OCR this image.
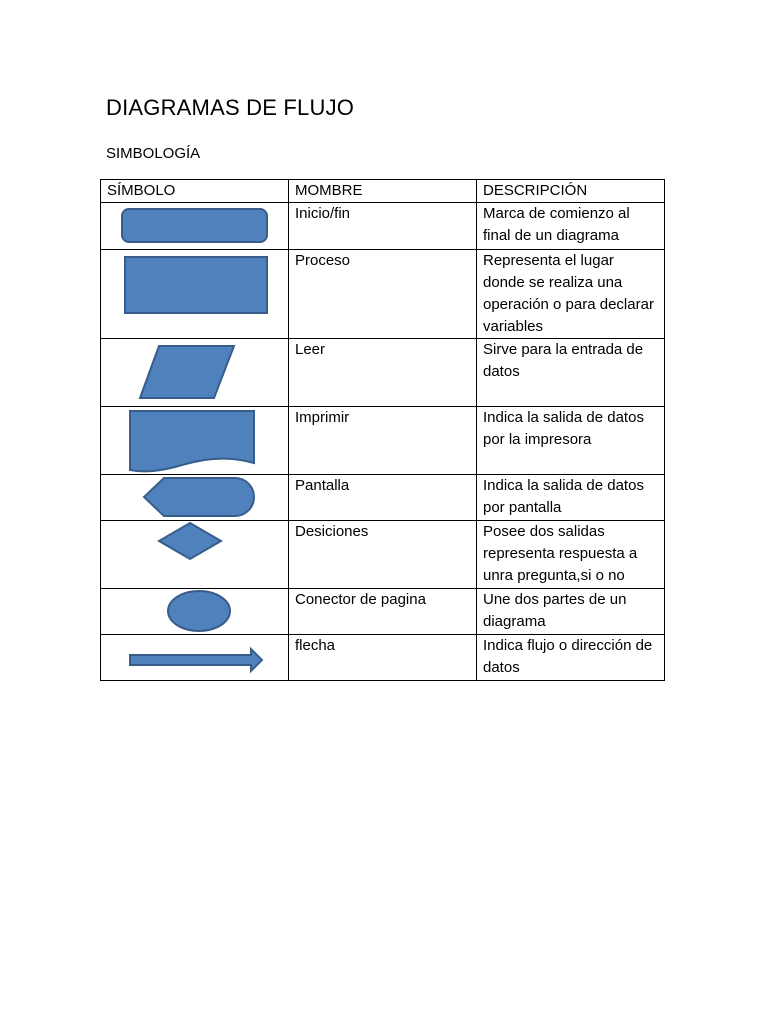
DIAGRAMAS DE FLUJO

SIMBOLOGÍA

SÍMBOLO	MOMBRE	DESCRIPCIÓN

	Inicio/fin	Marca de comienzo al final de un diagrama

	Proceso	Representa el lugar donde se realiza una operación o para declarar variables

	Leer	Sirve para la entrada de datos

	Imprimir	Indica la salida de datos por la impresora

	Pantalla	Indica la salida de datos por pantalla

	Desiciones	Posee dos salidas representa respuesta a unra pregunta,si o no

	Conector de pagina	Une dos partes de un diagrama

	flecha	Indica flujo o dirección de datos
